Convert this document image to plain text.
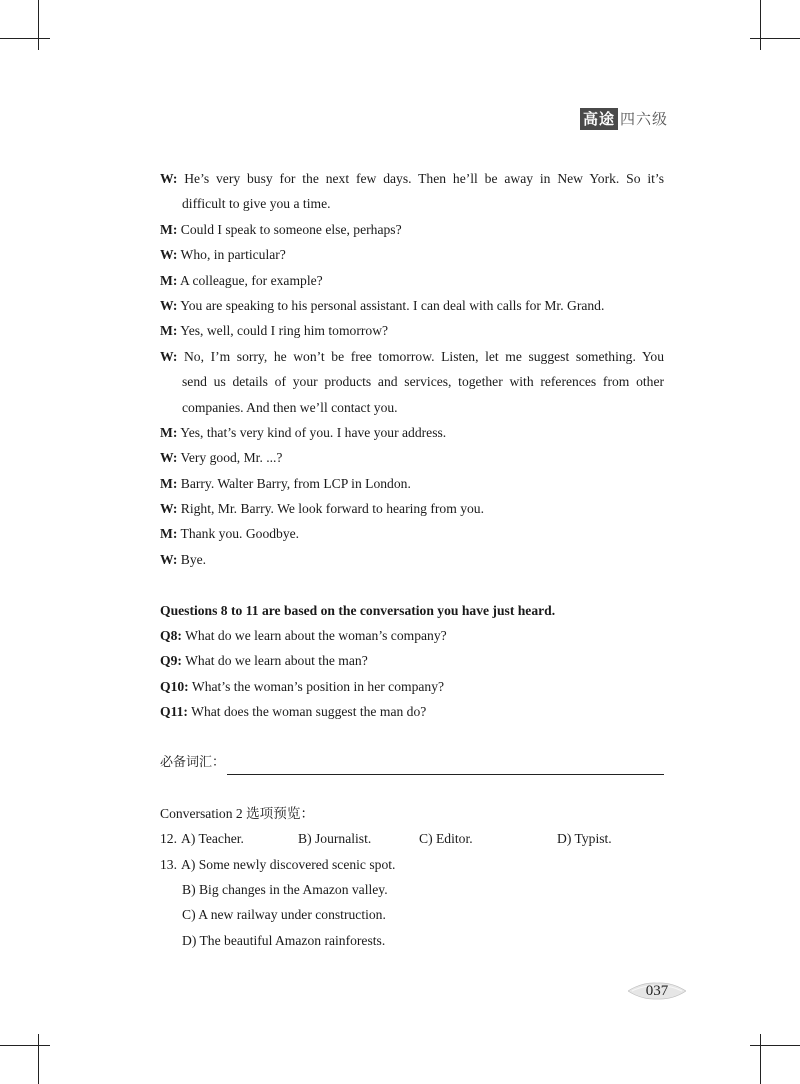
高途 四六级
W: He’s very busy for the next few days. Then he’ll be away in New York. So it’s
difficult to give you a time.
M: Could I speak to someone else, perhaps?
W: Who, in particular?
M: A colleague, for example?
W: You are speaking to his personal assistant. I can deal with calls for Mr. Grand.
M: Yes, well, could I ring him tomorrow?
W: No, I’m sorry, he won’t be free tomorrow. Listen, let me suggest something. You
send us details of your products and services, together with references from other
companies. And then we’ll contact you.
M: Yes, that’s very kind of you. I have your address.
W: Very good, Mr. ...?
M: Barry. Walter Barry, from LCP in London.
W: Right, Mr. Barry. We look forward to hearing from you.
M: Thank you. Goodbye.
W: Bye.
Questions 8 to 11 are based on the conversation you have just heard.
Q8: What do we learn about the woman’s company?
Q9: What do we learn about the man?
Q10: What’s the woman’s position in her company?
Q11: What does the woman suggest the man do?
必备词汇：
Conversation 2 选项预览：
12. A) Teacher.	B) Journalist.	C) Editor.	D) Typist.
13. A) Some newly discovered scenic spot.
B) Big changes in the Amazon valley.
C) A new railway under construction.
D) The beautiful Amazon rainforests.
037
